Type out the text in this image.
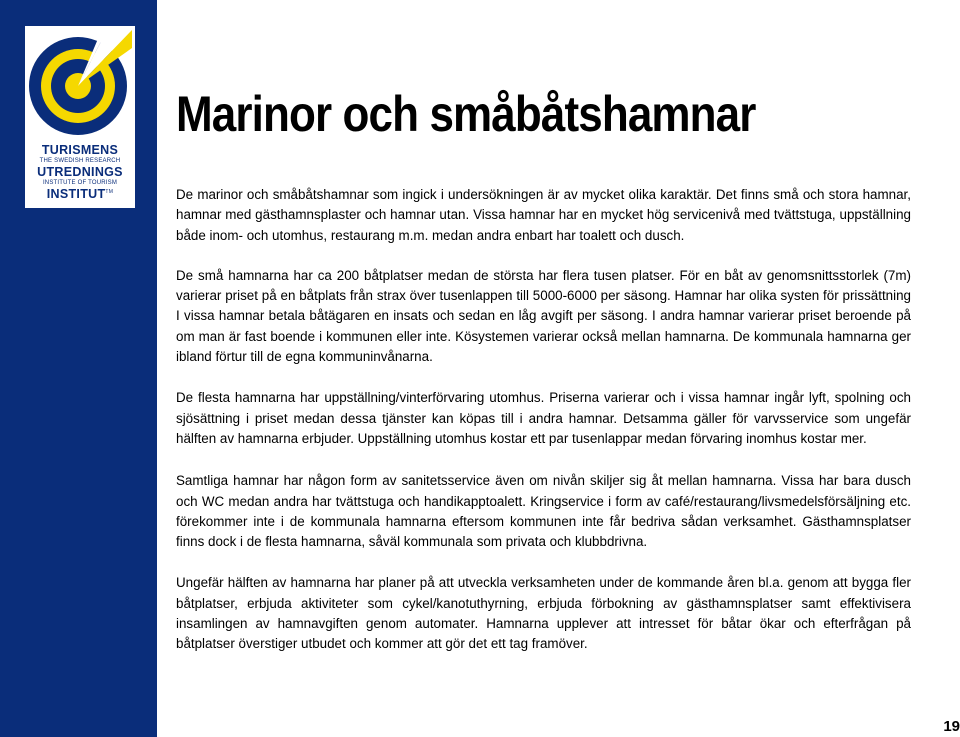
TURISMENS
THE SWEDISH RESEARCH
UTREDNINGS
INSTITUTE OF TOURISM
INSTITUT™
Marinor och småbåtshamnar

De marinor och småbåtshamnar som ingick i undersökningen är av mycket olika karaktär. Det finns små och stora hamnar, hamnar med gästhamnsplaster och hamnar utan. Vissa hamnar har en mycket hög servicenivå med tvättstuga, uppställning både inom- och utomhus, restaurang m.m. medan andra enbart har toalett och dusch.

De små hamnarna har ca 200 båtplatser medan de största har flera tusen platser. För en båt av genomsnittsstorlek (7m) varierar priset på en båtplats från strax över tusenlappen till 5000-6000 per säsong. Hamnar har olika systen för prissättning I vissa hamnar betala båtägaren en insats och sedan en låg avgift per säsong. I andra hamnar varierar priset beroende på om man är fast boende i kommunen eller inte. Kösystemen varierar också mellan hamnarna. De kommunala hamnarna ger ibland förtur till de egna kommuninvånarna.

De flesta hamnarna har uppställning/vinterförvaring utomhus. Priserna varierar och i vissa hamnar ingår lyft, spolning och sjösättning i priset medan dessa tjänster kan köpas till i andra hamnar. Detsamma gäller för varvsservice som ungefär hälften av hamnarna erbjuder. Uppställning utomhus kostar ett par tusenlappar medan förvaring inomhus kostar mer.

Samtliga hamnar har någon form av sanitetsservice även om nivån skiljer sig åt mellan hamnarna. Vissa har bara dusch och WC medan andra har tvättstuga och handikapptoalett. Kringservice i form av café/restaurang/livsmedelsförsäljning etc. förekommer inte i de kommunala hamnarna eftersom kommunen inte får bedriva sådan verksamhet. Gästhamnsplatser finns dock i de flesta hamnarna, såväl kommunala som privata och klubbdrivna.

Ungefär hälften av hamnarna har planer på att utveckla verksamheten under de kommande åren bl.a. genom att bygga fler båtplatser, erbjuda aktiviteter som cykel/kanotuthyrning, erbjuda förbokning av gästhamnsplatser samt effektivisera insamlingen av hamnavgiften genom automater. Hamnarna upplever att intresset för båtar ökar och efterfrågan på båtplatser överstiger utbudet och kommer att gör det ett tag framöver.

19
